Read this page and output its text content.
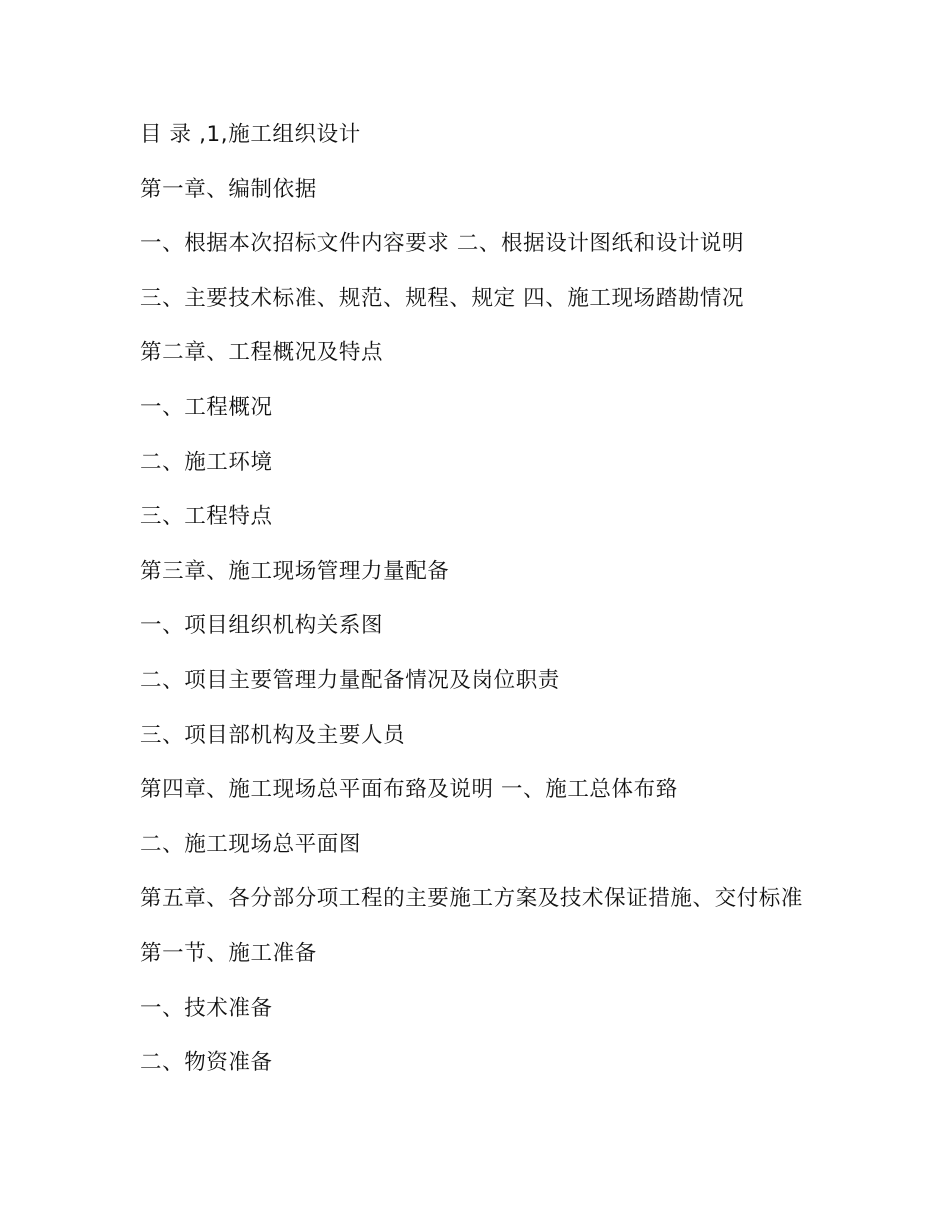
目 录 ,1,施工组织设计
第一章、编制依据
一、根据本次招标文件内容要求 二、根据设计图纸和设计说明
三、主要技术标准、规范、规程、规定 四、施工现场踏勘情况
第二章、工程概况及特点
一、工程概况
二、施工环境
三、工程特点
第三章、施工现场管理力量配备
一、项目组织机构关系图
二、项目主要管理力量配备情况及岗位职责
三、项目部机构及主要人员
第四章、施工现场总平面布臵及说明 一、施工总体布臵
二、施工现场总平面图
第五章、各分部分项工程的主要施工方案及技术保证措施、交付标准
第一节、施工准备
一、技术准备
二、物资准备
